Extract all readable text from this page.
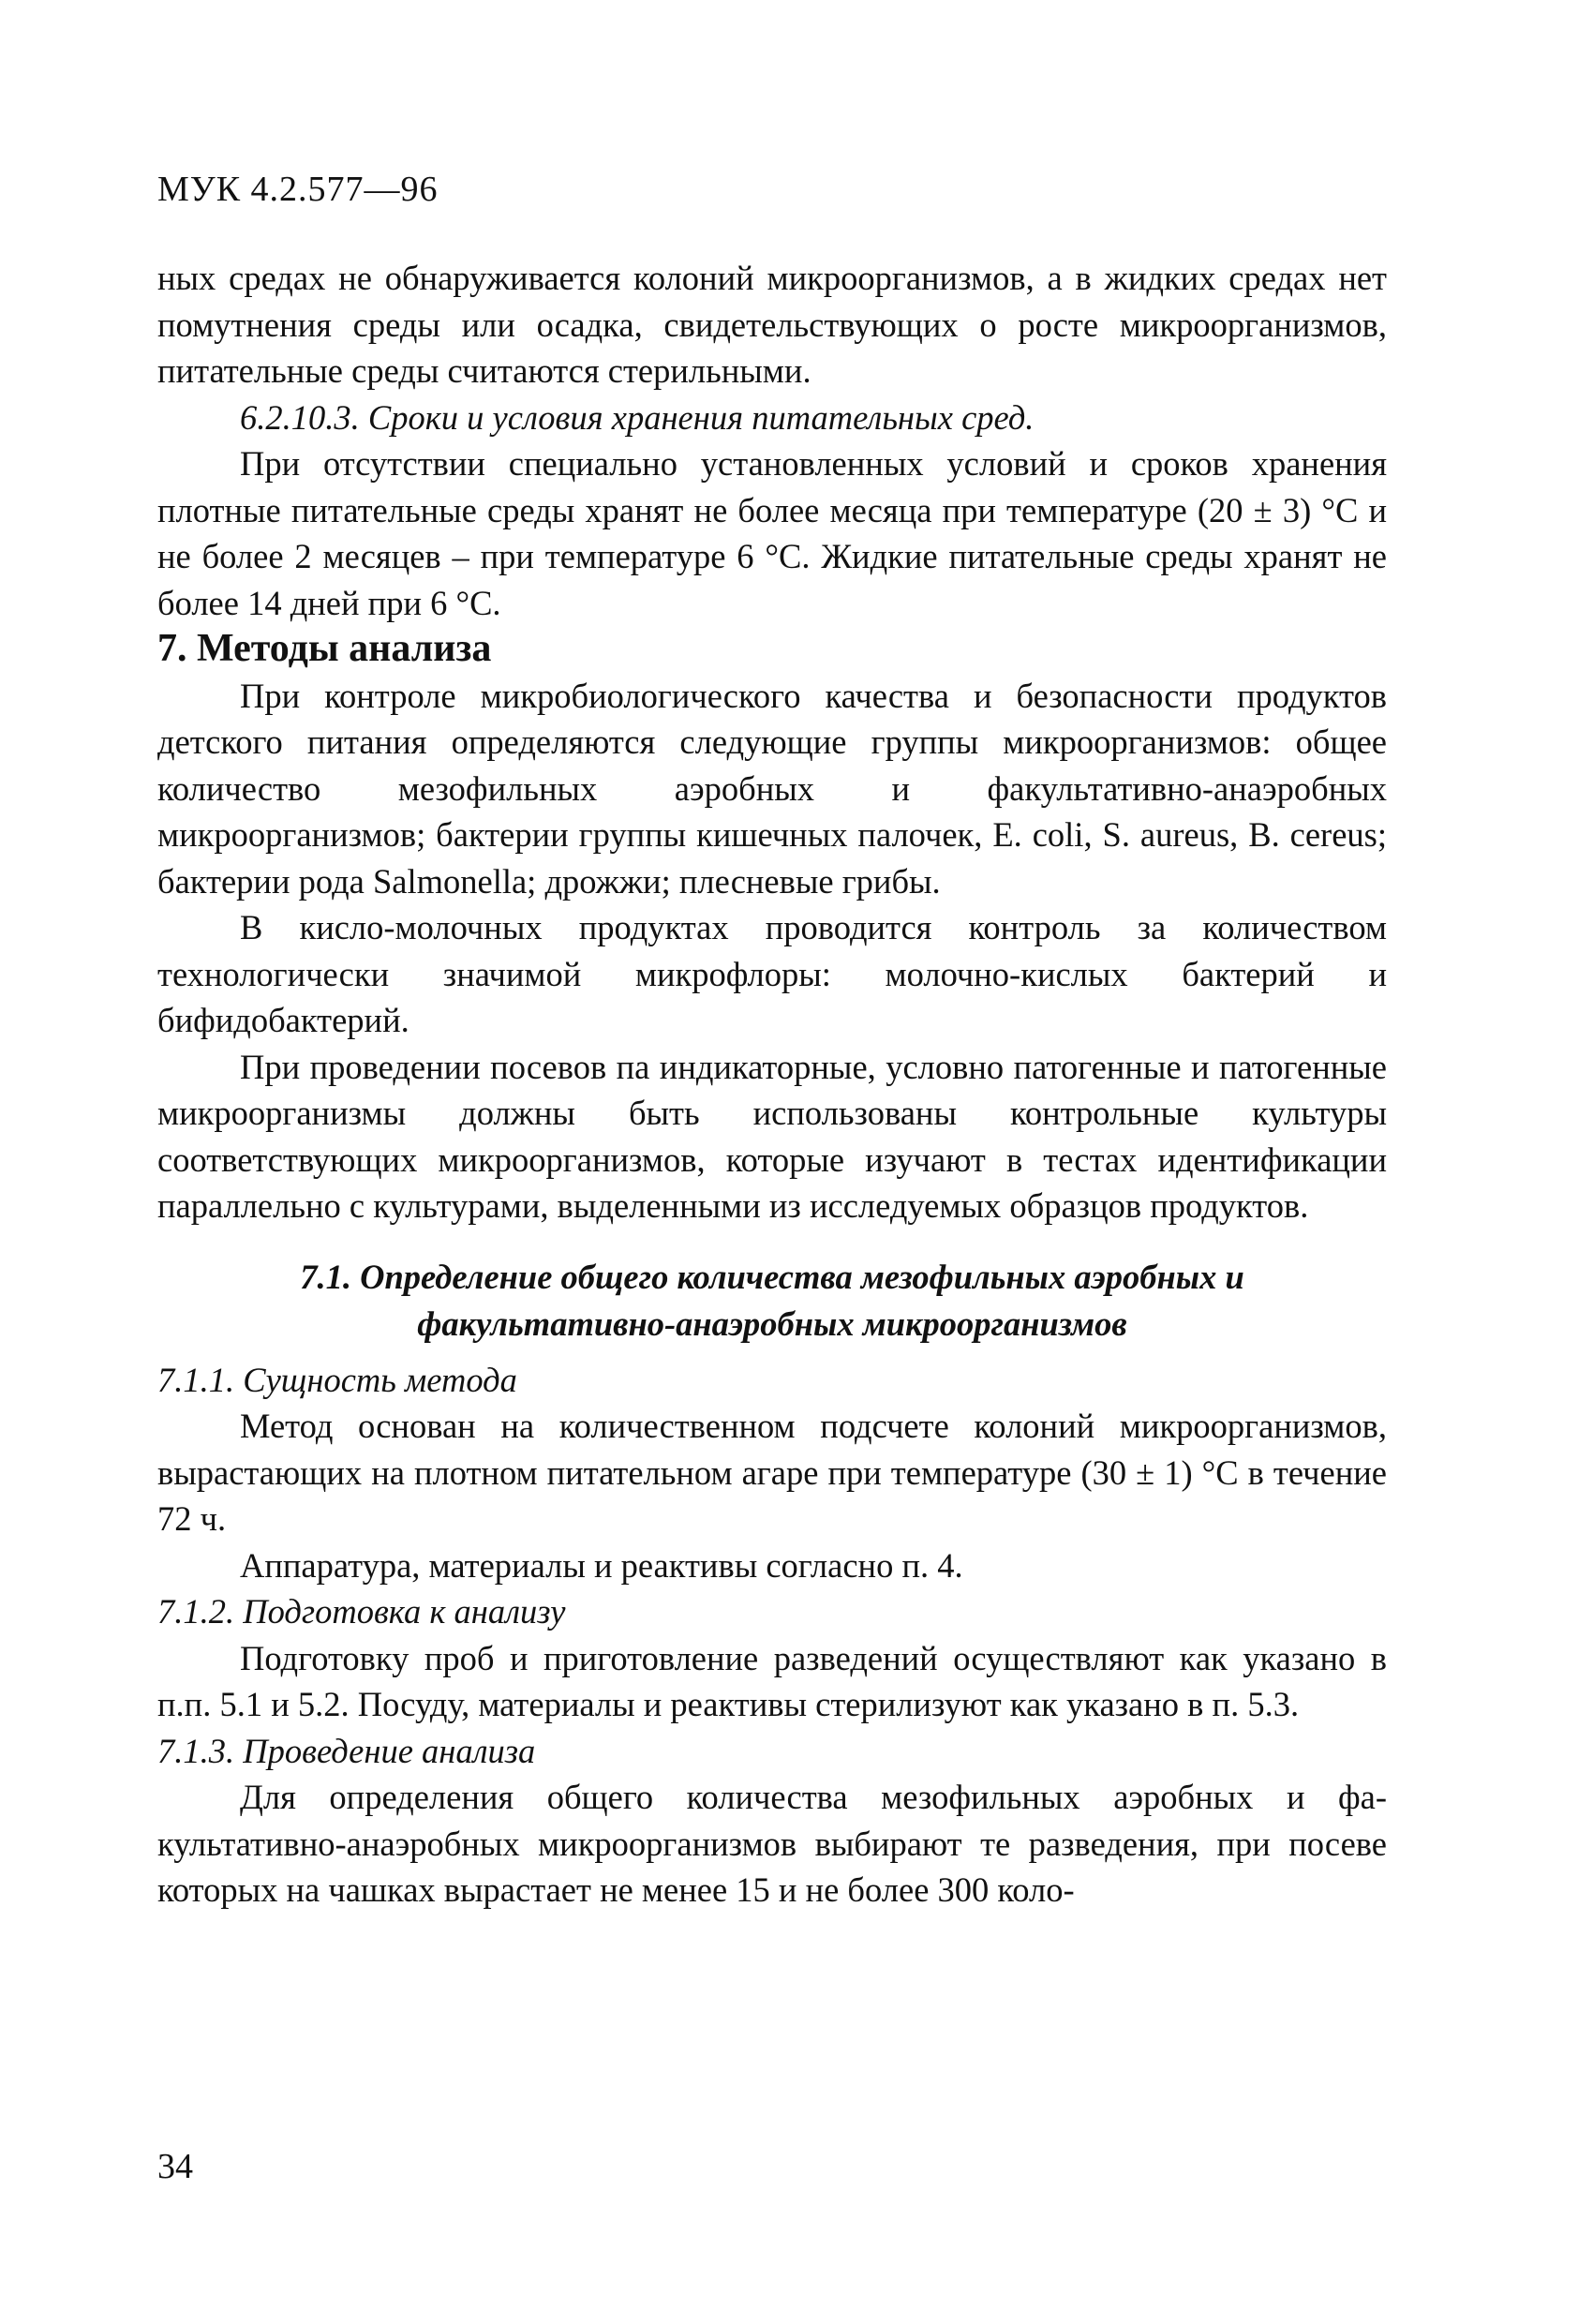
МУК 4.2.577—96

ных средах не обнаруживается колоний микроорганизмов, а в жидких средах нет помутнения среды или осадка, свидетельствующих о росте микроорганизмов, питательные среды считаются стерильными.

6.2.10.3. Сроки и условия хранения питательных сред.

При отсутствии специально установленных условий и сроков хранения плотные питательные среды хранят не более месяца при температуре (20 ± 3) °С и не более 2 месяцев – при температуре 6 °С. Жидкие питательные среды хранят не более 14 дней при 6 °С.

7. Методы анализа

При контроле микробиологического качества и безопасности продуктов детского питания определяются следующие группы микроорганизмов: общее количество мезофильных аэробных и факультативно-анаэробных микроорганизмов; бактерии группы кишечных палочек, E. coli, S. aureus, B. cereus; бактерии рода Salmonella; дрожжи; плесневые грибы.

В кисло-молочных продуктах проводится контроль за количеством технологически значимой микрофлоры: молочно-кислых бактерий и бифидобактерий.

При проведении посевов па индикаторные, условно патогенные и патогенные микроорганизмы должны быть использованы контрольные культуры соответствующих микроорганизмов, которые изучают в тестах идентификации параллельно с культурами, выделенными из исследуемых образцов продуктов.

7.1. Определение общего количества мезофильных аэробных и
факультативно-анаэробных микроорганизмов

7.1.1. Сущность метода

Метод основан на количественном подсчете колоний микроорганизмов, вырастающих на плотном питательном агаре при температуре (30 ± 1) °С в течение 72 ч.

Аппаратура, материалы и реактивы согласно п. 4.

7.1.2. Подготовка к анализу

Подготовку проб и приготовление разведений осуществляют как указано в п.п. 5.1 и 5.2. Посуду, материалы и реактивы стерилизуют как указано в п. 5.3.

7.1.3. Проведение анализа

Для определения общего количества мезофильных аэробных и факультативно-анаэробных микроорганизмов выбирают те разведения, при посеве которых на чашках вырастает не менее 15 и не более 300 коло-

34
